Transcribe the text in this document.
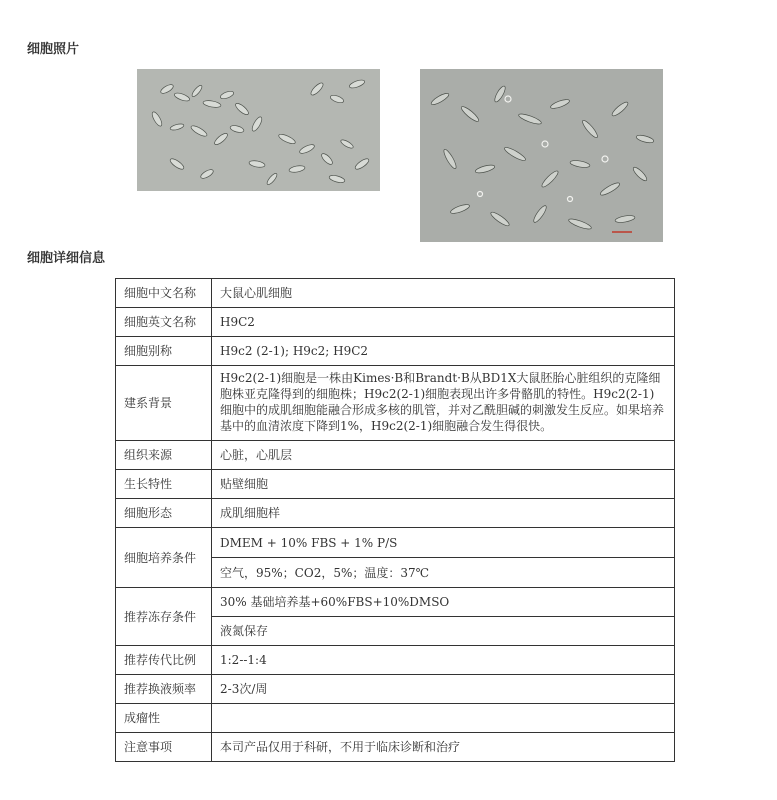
细胞照片
细胞详细信息
细胞中文名称	大鼠心肌细胞
细胞英文名称	H9C2
细胞别称	H9c2 (2-1); H9c2; H9C2
建系背景	H9c2(2-1)细胞是一株由Kimes·B和Brandt·B从BD1X大鼠胚胎心脏组织的克隆细胞株亚克隆得到的细胞株；H9c2(2-1)细胞表现出许多骨骼肌的特性。H9c2(2-1)细胞中的成肌细胞能融合形成多核的肌管，并对乙酰胆碱的刺激发生反应。如果培养基中的血清浓度下降到1%，H9c2(2-1)细胞融合发生得很快。
组织来源	心脏，心肌层
生长特性	贴壁细胞
细胞形态	成肌细胞样
细胞培养条件	DMEM + 10% FBS + 1% P/S
	空气，95%；CO2，5%；温度：37℃
推荐冻存条件	30% 基础培养基+60%FBS+10%DMSO
	液氮保存
推荐传代比例	1:2--1:4
推荐换液频率	2-3次/周
成瘤性	
注意事项	本司产品仅用于科研，不用于临床诊断和治疗
